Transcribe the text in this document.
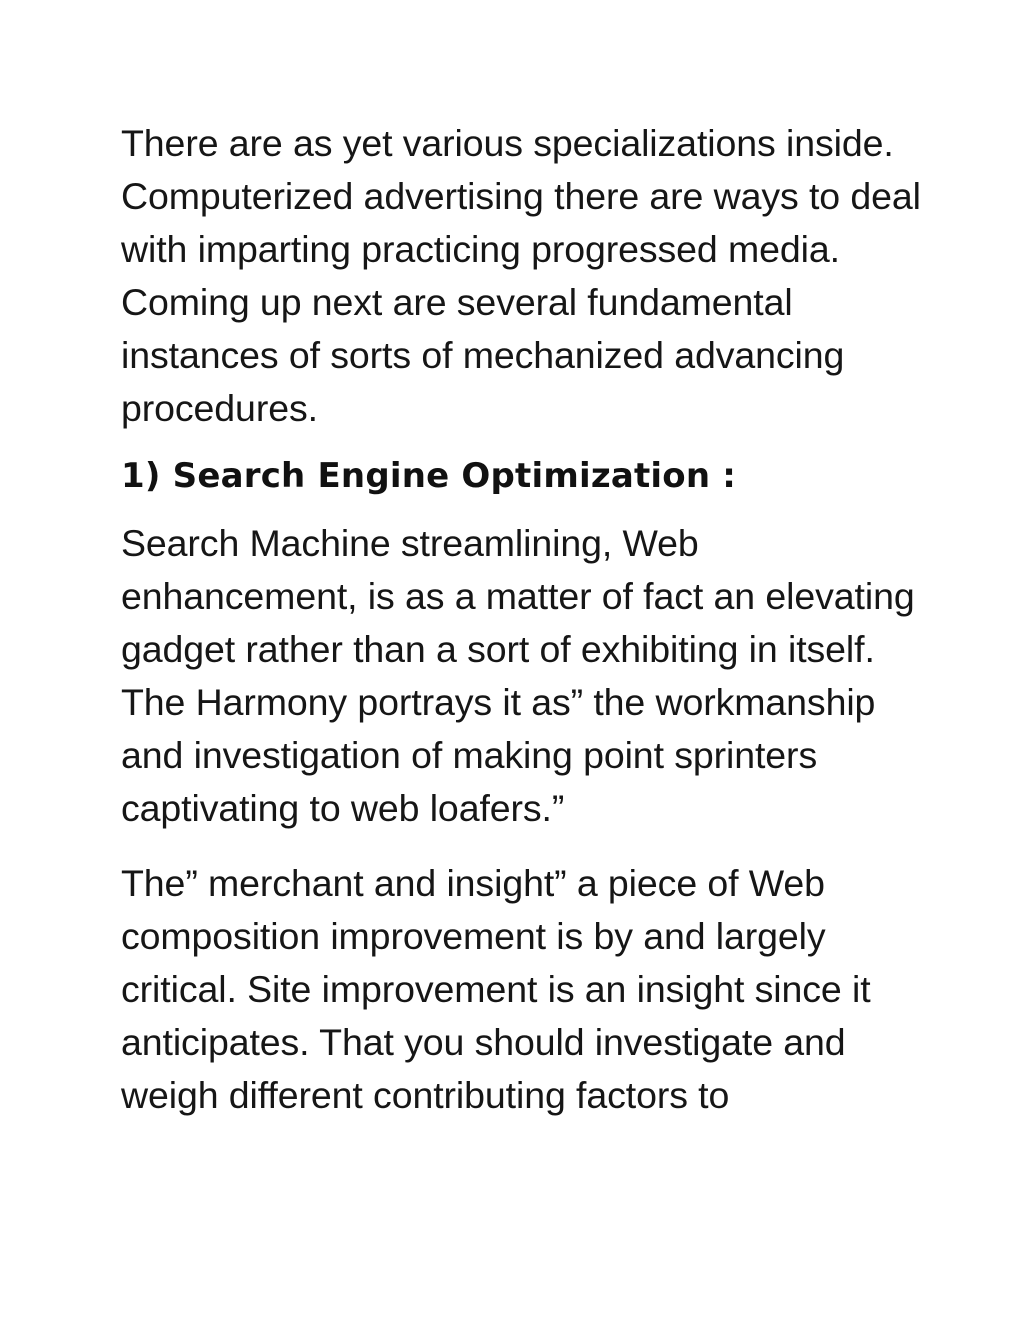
There are as yet various specializations inside. Computerized advertising there are ways to deal with imparting practicing progressed media. Coming up next are several fundamental instances of sorts of mechanized advancing procedures.

1) Search Engine Optimization :

Search Machine streamlining, Web enhancement, is as a matter of fact an elevating gadget rather than a sort of exhibiting in itself. The Harmony portrays it as” the workmanship and investigation of making point sprinters captivating to web loafers.”

The” merchant and insight” a piece of Web composition improvement is by and largely critical. Site improvement is an insight since it anticipates. That you should investigate and weigh different contributing factors to
